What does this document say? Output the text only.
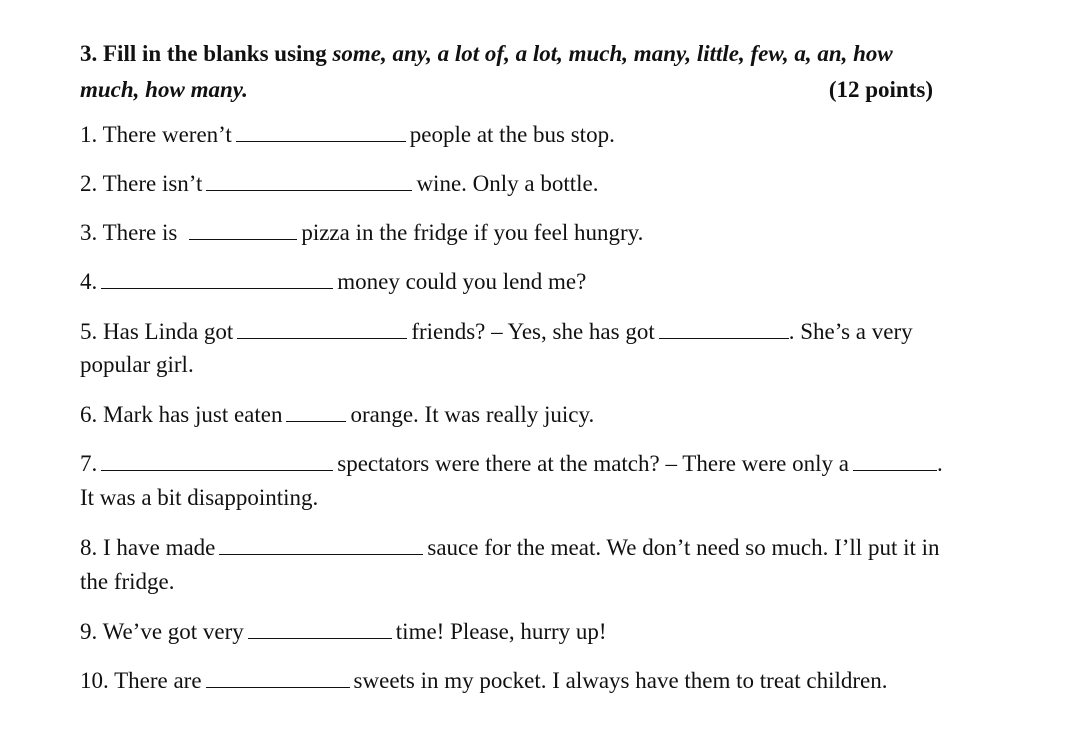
3. Fill in the blanks using some, any, a lot of, a lot, much, many, little, few, a, an, how much, how many.	(12 points)
1. There weren’t	people at the bus stop.
2. There isn’t	wine. Only a bottle.
3. There is	pizza in the fridge if you feel hungry.
4.	money could you lend me?
5. Has Linda got	friends? – Yes, she has got	. She’s a very
popular girl.
6. Mark has just eaten	orange. It was really juicy.
7.	spectators were there at the match? – There were only a	.
It was a bit disappointing.
8. I have made	sauce for the meat. We don’t need so much. I’ll put it in
the fridge.
9. We’ve got very	time! Please, hurry up!
10. There are	sweets in my pocket. I always have them to treat children.
